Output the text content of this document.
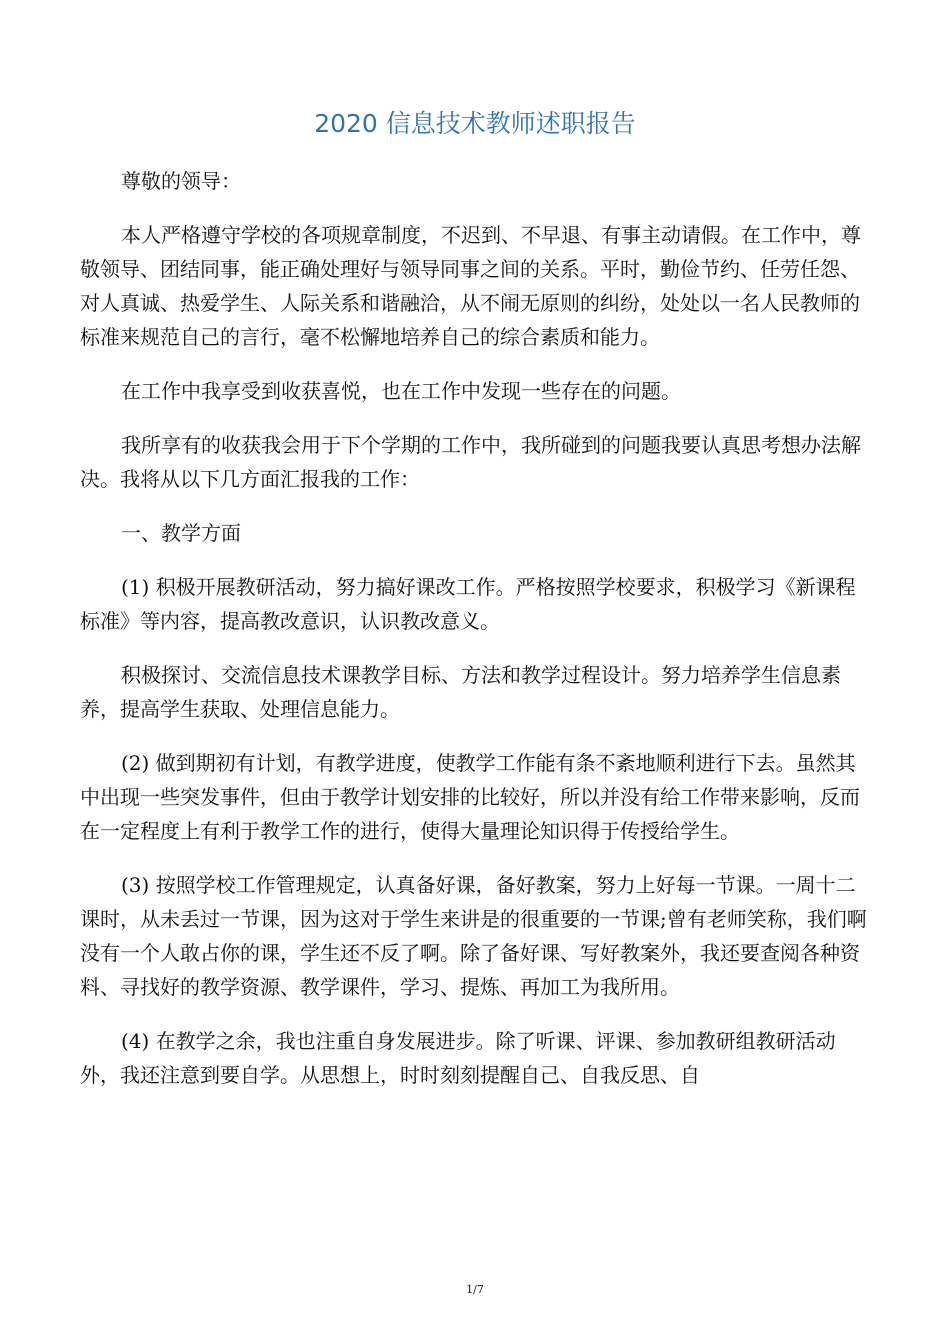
2020 信息技术教师述职报告

尊敬的领导：

本人严格遵守学校的各项规章制度，不迟到、不早退、有事主动请假。在工作中，尊敬领导、团结同事，能正确处理好与领导同事之间的关系。平时，勤俭节约、任劳任怨、对人真诚、热爱学生、人际关系和谐融洽，从不闹无原则的纠纷，处处以一名人民教师的标准来规范自己的言行，毫不松懈地培养自己的综合素质和能力。

在工作中我享受到收获喜悦，也在工作中发现一些存在的问题。

我所享有的收获我会用于下个学期的工作中，我所碰到的问题我要认真思考想办法解决。我将从以下几方面汇报我的工作：

一、教学方面

(1) 积极开展教研活动，努力搞好课改工作。严格按照学校要求，积极学习《新课程标准》等内容，提高教改意识，认识教改意义。

积极探讨、交流信息技术课教学目标、方法和教学过程设计。努力培养学生信息素养，提高学生获取、处理信息能力。

(2) 做到期初有计划，有教学进度，使教学工作能有条不紊地顺利进行下去。虽然其中出现一些突发事件，但由于教学计划安排的比较好，所以并没有给工作带来影响，反而在一定程度上有利于教学工作的进行，使得大量理论知识得于传授给学生。

(3) 按照学校工作管理规定，认真备好课，备好教案，努力上好每一节课。一周十二课时，从未丢过一节课，因为这对于学生来讲是的很重要的一节课;曾有老师笑称，我们啊没有一个人敢占你的课，学生还不反了啊。除了备好课、写好教案外，我还要查阅各种资料、寻找好的教学资源、教学课件，学习、提炼、再加工为我所用。

(4) 在教学之余，我也注重自身发展进步。除了听课、评课、参加教研组教研活动外，我还注意到要自学。从思想上，时时刻刻提醒自己、自我反思、自

1/7
